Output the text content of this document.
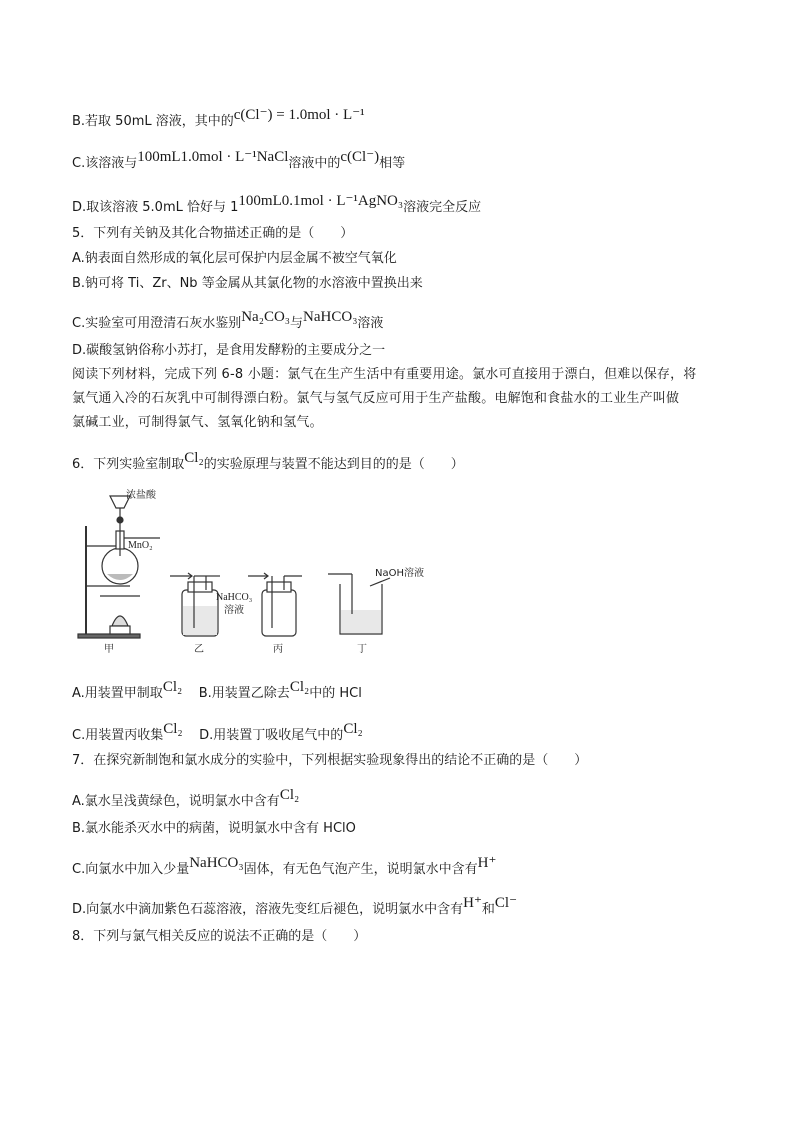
B.若取 50mL 溶液，其中的c(Cl⁻) = 1.0mol · L⁻¹
C.该溶液与100mL1.0mol · L⁻¹NaCl溶液中的c(Cl⁻)相等
D.取该溶液 5.0mL 恰好与 1100mL0.1mol · L⁻¹AgNO₃溶液完全反应
5．下列有关钠及其化合物描述正确的是（　　）
A.钠表面自然形成的氧化层可保护内层金属不被空气氧化
B.钠可将 Ti、Zr、Nb 等金属从其氯化物的水溶液中置换出来
C.实验室可用澄清石灰水鉴别Na₂CO₃与NaHCO₃溶液
D.碳酸氢钠俗称小苏打，是食用发酵粉的主要成分之一
阅读下列材料，完成下列 6-8 小题：氯气在生产生活中有重要用途。氯水可直接用于漂白，但难以保存，将
氯气通入冷的石灰乳中可制得漂白粉。氯气与氢气反应可用于生产盐酸。电解饱和食盐水的工业生产叫做
氯碱工业，可制得氯气、氢氧化钠和氢气。
6．下列实验室制取Cl₂的实验原理与装置不能达到目的的是（　　）
浓盐酸
MnO₂
甲
NaHCO₃
溶液
乙	丙
NaOH溶液
丁
A.用装置甲制取Cl₂ B.用装置乙除去Cl₂中的 HCl
C.用装置丙收集Cl₂ D.用装置丁吸收尾气中的Cl₂
7．在探究新制饱和氯水成分的实验中，下列根据实验现象得出的结论不正确的是（　　）
A.氯水呈浅黄绿色，说明氯水中含有Cl₂
B.氯水能杀灭水中的病菌，说明氯水中含有 HClO
C.向氯水中加入少量NaHCO₃固体，有无色气泡产生，说明氯水中含有H⁺
D.向氯水中滴加紫色石蕊溶液，溶液先变红后褪色，说明氯水中含有H⁺和Cl⁻
8．下列与氯气相关反应的说法不正确的是（　　）
